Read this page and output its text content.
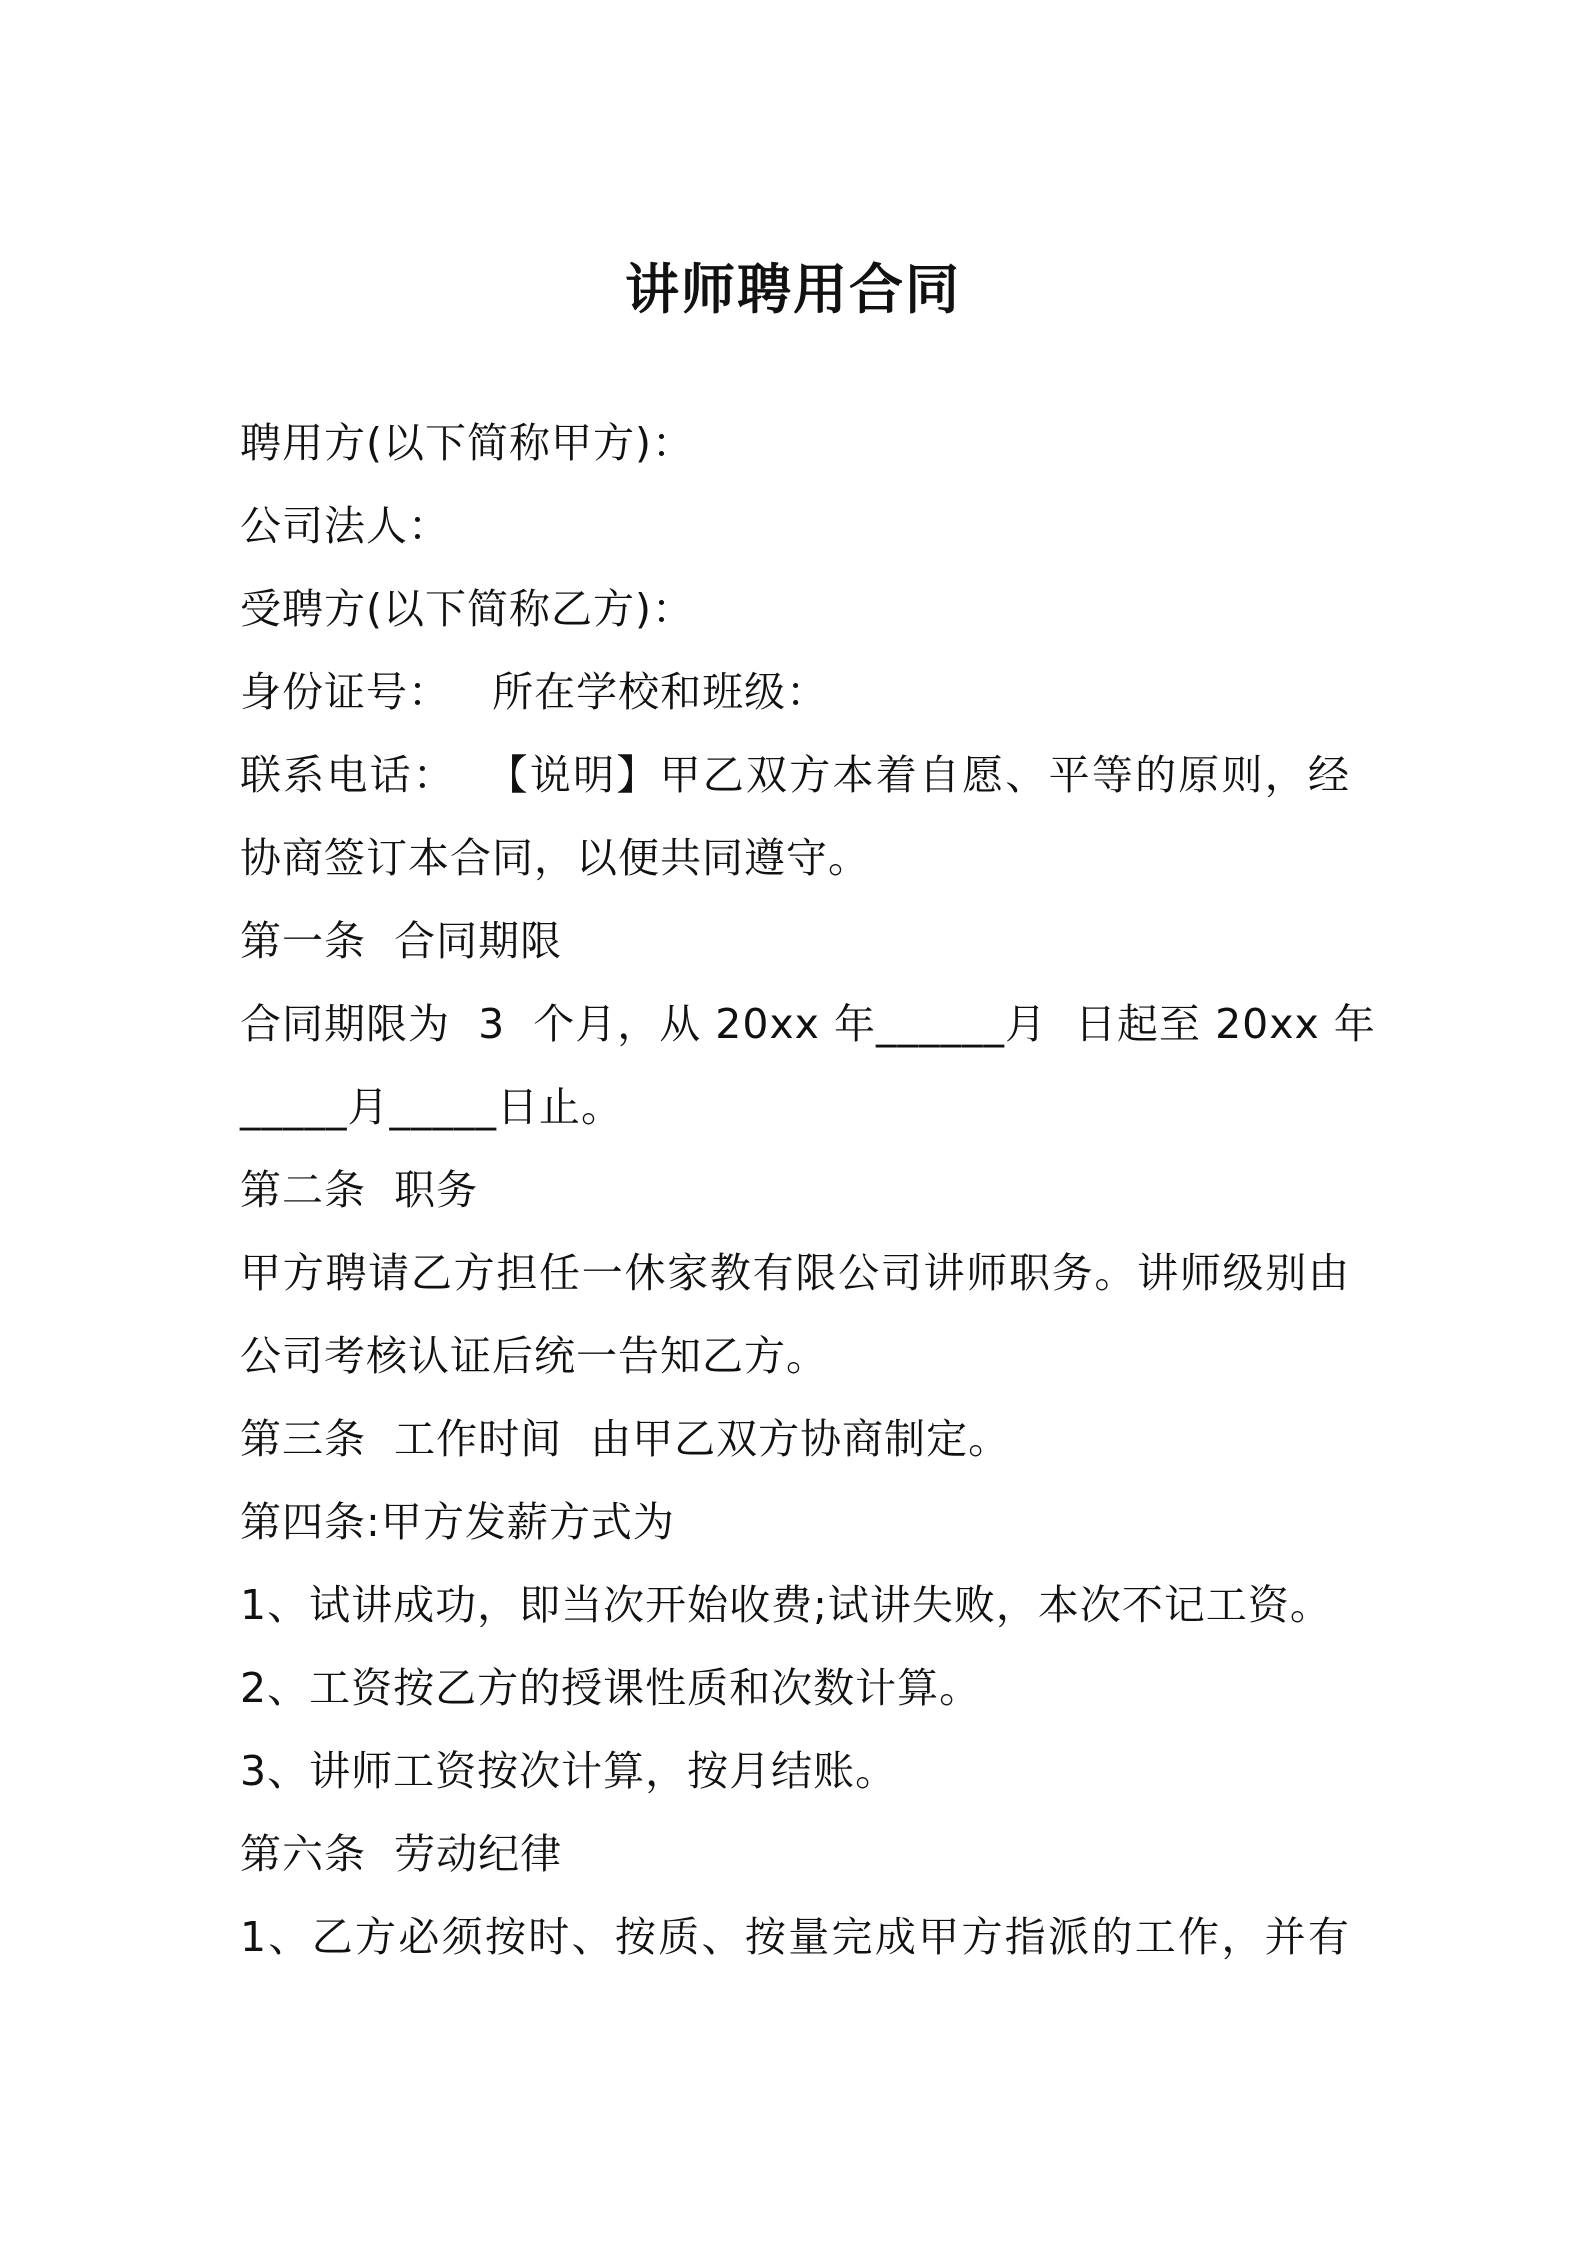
讲师聘用合同
聘用方(以下简称甲方)：
公司法人：
受聘方(以下简称乙方)：
身份证号：   所在学校和班级：
联系电话：  【说明】甲乙双方本着自愿、平等的原则，经
协商签订本合同，以便共同遵守。
第一条  合同期限
合同期限为  3  个月，从 20xx 年______月  日起至 20xx 年
_____月_____日止。
第二条  职务
甲方聘请乙方担任一休家教有限公司讲师职务。讲师级别由
公司考核认证后统一告知乙方。
第三条  工作时间  由甲乙双方协商制定。
第四条:甲方发薪方式为
1、试讲成功，即当次开始收费;试讲失败，本次不记工资。
2、工资按乙方的授课性质和次数计算。
3、讲师工资按次计算，按月结账。
第六条  劳动纪律
1、乙方必须按时、按质、按量完成甲方指派的工作，并有
